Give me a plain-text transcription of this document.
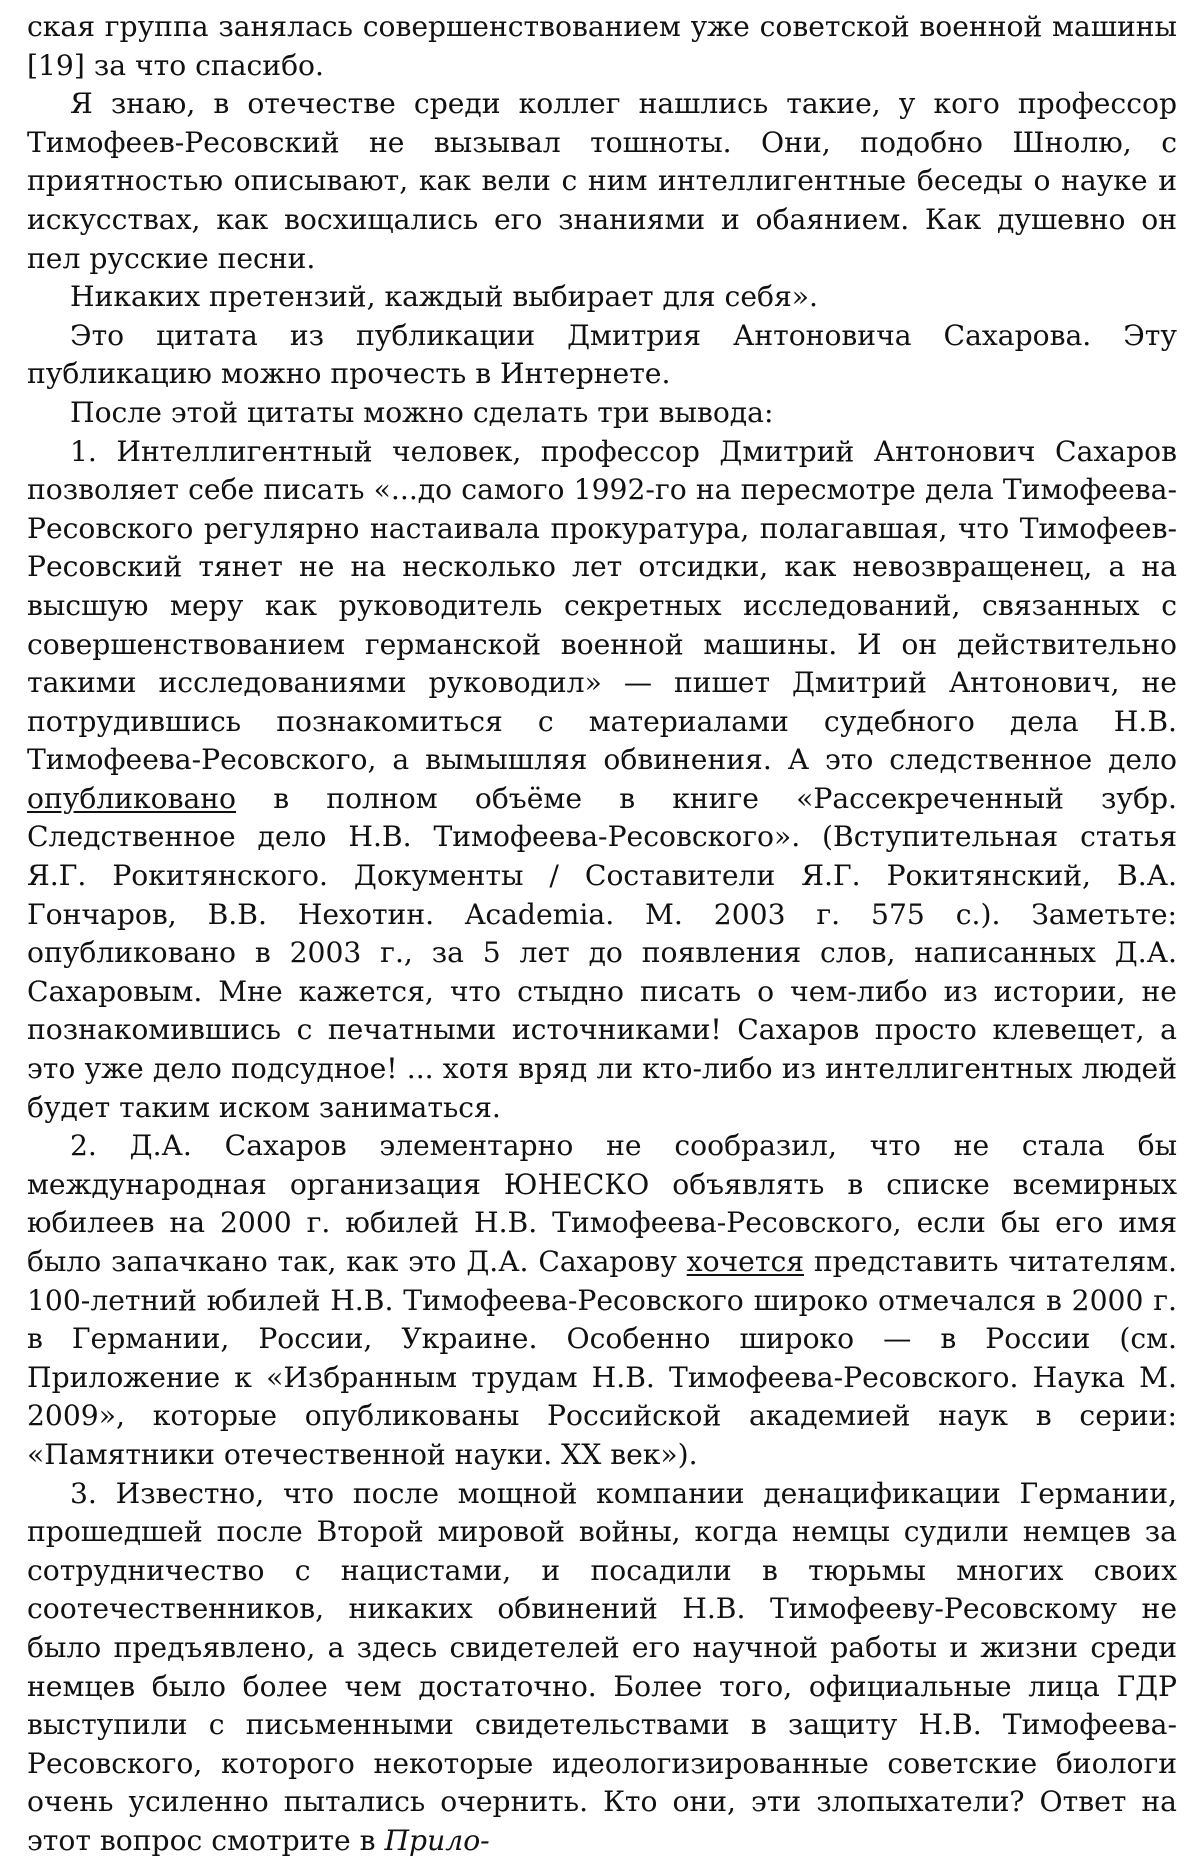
ская группа занялась совершенствованием уже советской военной машины [19] за что спасибо.

Я знаю, в отечестве среди коллег нашлись такие, у кого профессор Тимофеев-Ресовский не вызывал тошноты. Они, подобно Шнолю, с приятностью описывают, как вели с ним интеллигентные беседы о науке и искусствах, как восхищались его знаниями и обаянием. Как душевно он пел русские песни.

Никаких претензий, каждый выбирает для себя».

Это цитата из публикации Дмитрия Антоновича Сахарова. Эту публикацию можно прочесть в Интернете.

После этой цитаты можно сделать три вывода:

1. Интеллигентный человек, профессор Дмитрий Антонович Сахаров позволяет себе писать «...до самого 1992-го на пересмотре дела Тимофеева-Ресовского регулярно настаивала прокуратура, полагавшая, что Тимофеев-Ресовский тянет не на несколько лет отсидки, как невозвращенец, а на высшую меру как руководитель секретных исследований, связанных с совершенствованием германской военной машины. И он действительно такими исследованиями руководил» — пишет Дмитрий Антонович, не потрудившись познакомиться с материалами судебного дела Н.В. Тимофеева-Ресовского, а вымышляя обвинения. А это следственное дело опубликовано в полном объёме в книге «Рассекреченный зубр. Следственное дело Н.В. Тимофеева-Ресовского». (Вступительная статья Я.Г. Рокитянского. Документы / Составители Я.Г. Рокитянский, В.А. Гончаров, В.В. Нехотин. Academia. М. 2003 г. 575 с.). Заметьте: опубликовано в 2003 г., за 5 лет до появления слов, написанных Д.А. Сахаровым. Мне кажется, что стыдно писать о чем-либо из истории, не познакомившись с печатными источниками! Сахаров просто клевещет, а это уже дело подсудное! ... хотя вряд ли кто-либо из интеллигентных людей будет таким иском заниматься.

2. Д.А. Сахаров элементарно не сообразил, что не стала бы международная организация ЮНЕСКО объявлять в списке всемирных юбилеев на 2000 г. юбилей Н.В. Тимофеева-Ресовского, если бы его имя было запачкано так, как это Д.А. Сахарову хочется представить читателям. 100-летний юбилей Н.В. Тимофеева-Ресовского широко отмечался в 2000 г. в Германии, России, Украине. Особенно широко — в России (см. Приложение к «Избранным трудам Н.В. Тимофеева-Ресовского. Наука М. 2009», которые опубликованы Российской академией наук в серии: «Памятники отечественной науки. XX век»).

3. Известно, что после мощной компании денацификации Германии, прошедшей после Второй мировой войны, когда немцы судили немцев за сотрудничество с нацистами, и посадили в тюрьмы многих своих соотечественников, никаких обвинений Н.В. Тимофееву-Ресовскому не было предъявлено, а здесь свидетелей его научной работы и жизни среди немцев было более чем достаточно. Более того, официальные лица ГДР выступили с письменными свидетельствами в защиту Н.В. Тимофеева-Ресовского, которого некоторые идеологизированные советские биологи очень усиленно пытались очернить. Кто они, эти злопыхатели? Ответ на этот вопрос смотрите в Прило-
